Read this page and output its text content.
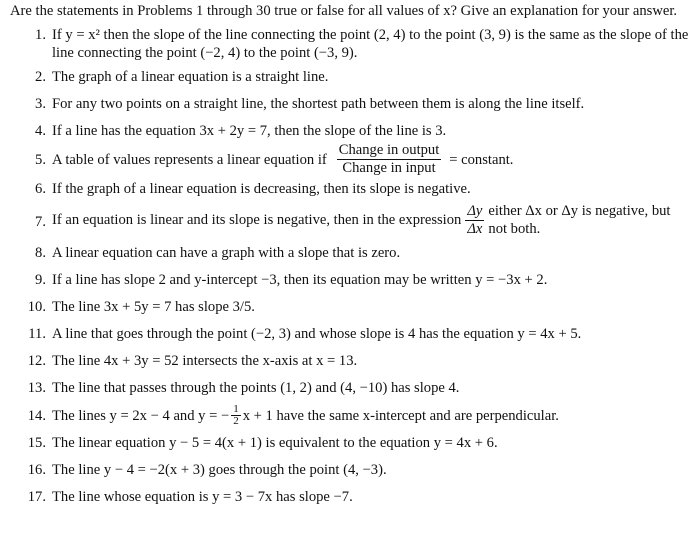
Are the statements in Problems 1 through 30 true or false for all values of x? Give an explanation for your answer.

1. If y = x² then the slope of the line connecting the point (2, 4) to the point (3, 9) is the same as the slope of the line connecting the point (−2, 4) to the point (−3, 9).
2. The graph of a linear equation is a straight line.
3. For any two points on a straight line, the shortest path between them is along the line itself.
4. If a line has the equation 3x + 2y = 7, then the slope of the line is 3.
5. A table of values represents a linear equation if $\frac{\text{Change in output}}{\text{Change in input}}$ = constant.
6. If the graph of a linear equation is decreasing, then its slope is negative.
7. If an equation is linear and its slope is negative, then in the expression $\frac{\Delta y}{\Delta x}$ either Δx or Δy is negative, but not both.
8. A linear equation can have a graph with a slope that is zero.
9. If a line has slope 2 and y-intercept −3, then its equation may be written y = −3x + 2.
10. The line 3x + 5y = 7 has slope 3/5.
11. A line that goes through the point (−2, 3) and whose slope is 4 has the equation y = 4x + 5.
12. The line 4x + 3y = 52 intersects the x-axis at x = 13.
13. The line that passes through the points (1, 2) and (4, −10) has slope 4.
14. The lines y = 2x − 4 and y = − $\frac{1}{2}$ x + 1 have the same x-intercept and are perpendicular.
15. The linear equation y − 5 = 4(x + 1) is equivalent to the equation y = 4x + 6.
16. The line y − 4 = −2(x + 3) goes through the point (4, −3).
17. The line whose equation is y = 3 − 7x has slope −7.
